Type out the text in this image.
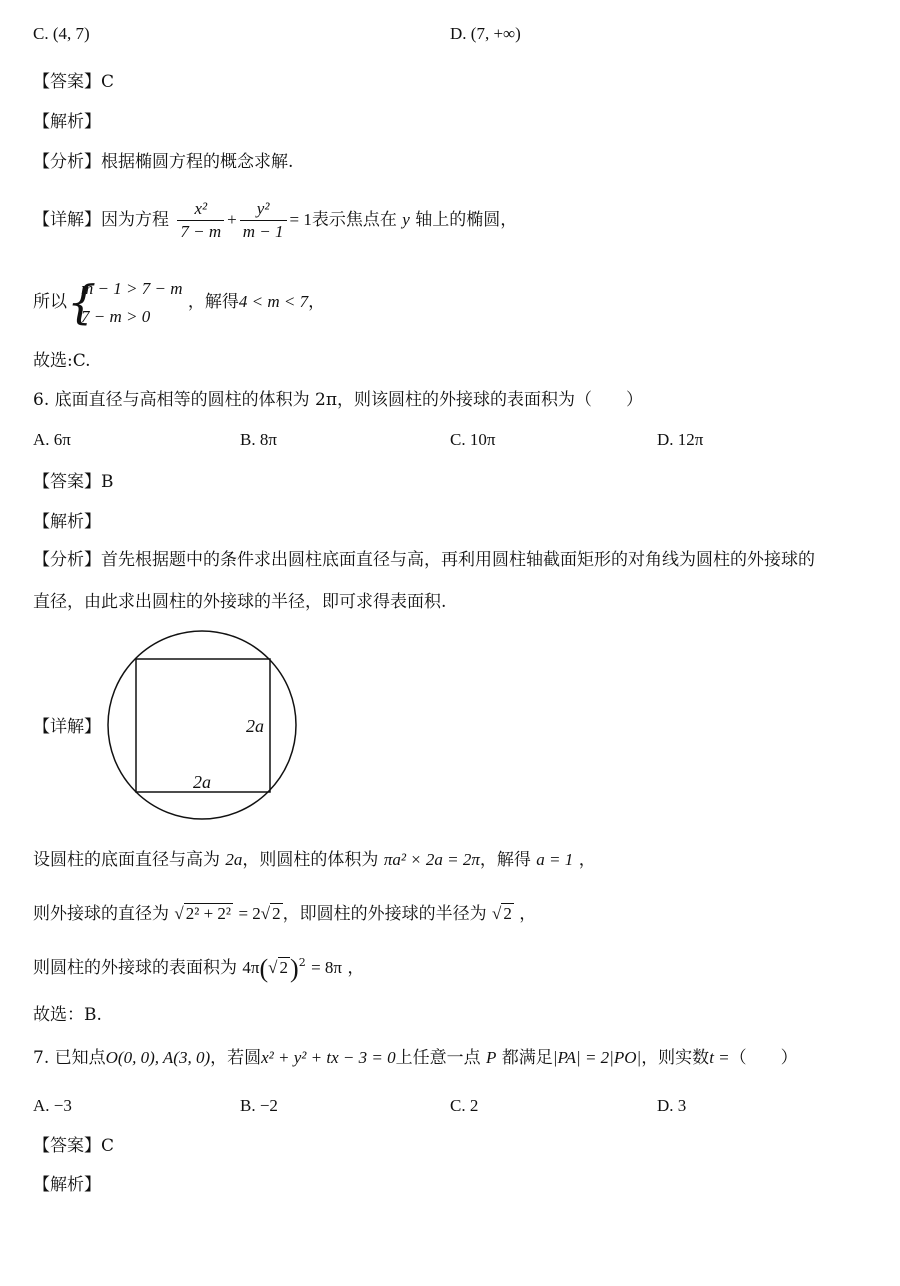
C. (4, 7)	D. (7, +∞)
【答案】C
【解析】
【分析】根据椭圆方程的概念求解.
【详解】因为方程 $\frac{\text{x²}}{7 - m} + \frac{\text{y²}}{m - 1} = 1$表示焦点在 y 轴上的椭圆，
所以 {
m − 1 > 7 − m
7 − m > 0
，解得4 < m < 7，
故选:C.
6. 底面直径与高相等的圆柱的体积为 2π，则该圆柱的外接球的表面积为（　　）
A. 6π	B. 8π	C. 10π	D. 12π
【答案】B
【解析】
【分析】首先根据题中的条件求出圆柱底面直径与高，再利用圆柱轴截面矩形的对角线为圆柱的外接球的
直径，由此求出圆柱的外接球的半径，即可求得表面积.
【详解】	2a
2a
设圆柱的底面直径与高为 2a，则圆柱的体积为 πa² × 2a = 2π，解得 a = 1 ，
则外接球的直径为 √ 2² + 2² = 2√ 2 ，即圆柱的外接球的半径为 √ 2 ，
则圆柱的外接球的表面积为 4π(√ 2)$^2$ = 8π ，
故选：B.
7. 已知点O(0, 0), A(3, 0)，若圆x² + y² + tx − 3 = 0上任意一点 P 都满足|PA| = 2|PO|，则实数t =（　　）
A. −3	B. −2	C. 2	D. 3
【答案】C
【解析】
